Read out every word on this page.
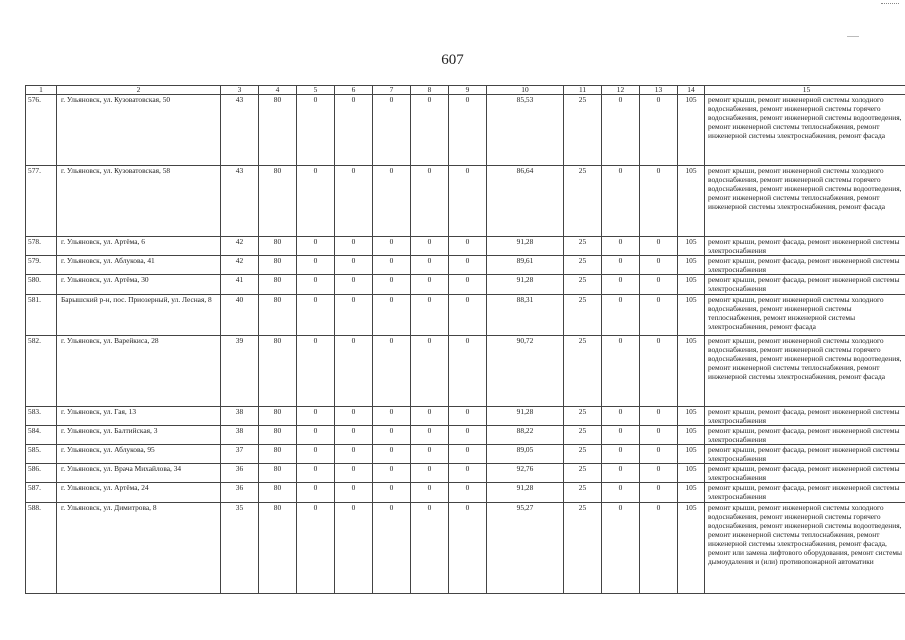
607
1	2	3	4	5	6	7	8	9	10	11	12	13	14	15
576.	г. Ульяновск, ул. Кузоватовская, 50	43	80	0	0	0	0	0	85,53	25	0	0	105	ремонт крыши, ремонт инженерной системы холодного водоснабжения, ремонт инженерной системы горячего водоснабжения, ремонт инженерной системы водоотведения, ремонт инженерной системы теплоснабжения, ремонт инженерной системы электроснабжения, ремонт фасада
577.	г. Ульяновск, ул. Кузоватовская, 58	43	80	0	0	0	0	0	86,64	25	0	0	105	ремонт крыши, ремонт инженерной системы холодного водоснабжения, ремонт инженерной системы горячего водоснабжения, ремонт инженерной системы водоотведения, ремонт инженерной системы теплоснабжения, ремонт инженерной системы электроснабжения, ремонт фасада
578.	г. Ульяновск, ул. Артёма, 6	42	80	0	0	0	0	0	91,28	25	0	0	105	ремонт крыши, ремонт фасада, ремонт инженерной системы электроснабжения
579.	г. Ульяновск, ул. Аблукова, 41	42	80	0	0	0	0	0	89,61	25	0	0	105	ремонт крыши, ремонт фасада, ремонт инженерной системы электроснабжения
580.	г. Ульяновск, ул. Артёма, 30	41	80	0	0	0	0	0	91,28	25	0	0	105	ремонт крыши, ремонт фасада, ремонт инженерной системы электроснабжения
581.	Барышский р-н, пос. Приозерный, ул. Лесная, 8	40	80	0	0	0	0	0	88,31	25	0	0	105	ремонт крыши, ремонт инженерной системы холодного водоснабжения, ремонт инженерной системы теплоснабжения, ремонт инженерной системы электроснабжения, ремонт фасада
582.	г. Ульяновск, ул. Варейкиса, 28	39	80	0	0	0	0	0	90,72	25	0	0	105	ремонт крыши, ремонт инженерной системы холодного водоснабжения, ремонт инженерной системы горячего водоснабжения, ремонт инженерной системы водоотведения, ремонт инженерной системы теплоснабжения, ремонт инженерной системы электроснабжения, ремонт фасада
583.	г. Ульяновск, ул. Гая, 13	38	80	0	0	0	0	0	91,28	25	0	0	105	ремонт крыши, ремонт фасада, ремонт инженерной системы электроснабжения
584.	г. Ульяновск, ул. Балтийская, 3	38	80	0	0	0	0	0	88,22	25	0	0	105	ремонт крыши, ремонт фасада, ремонт инженерной системы электроснабжения
585.	г. Ульяновск, ул. Аблукова, 95	37	80	0	0	0	0	0	89,05	25	0	0	105	ремонт крыши, ремонт фасада, ремонт инженерной системы электроснабжения
586.	г. Ульяновск, ул. Врача Михайлова, 34	36	80	0	0	0	0	0	92,76	25	0	0	105	ремонт крыши, ремонт фасада, ремонт инженерной системы электроснабжения
587.	г. Ульяновск, ул. Артёма, 24	36	80	0	0	0	0	0	91,28	25	0	0	105	ремонт крыши, ремонт фасада, ремонт инженерной системы электроснабжения
588.	г. Ульяновск, ул. Димитрова, 8	35	80	0	0	0	0	0	95,27	25	0	0	105	ремонт крыши, ремонт инженерной системы холодного водоснабжения, ремонт инженерной системы горячего водоснабжения, ремонт инженерной системы водоотведения, ремонт инженерной системы теплоснабжения, ремонт инженерной системы электроснабжения, ремонт фасада, ремонт или замена лифтового оборудования, ремонт системы дымоудаления и (или) противопожарной автоматики
